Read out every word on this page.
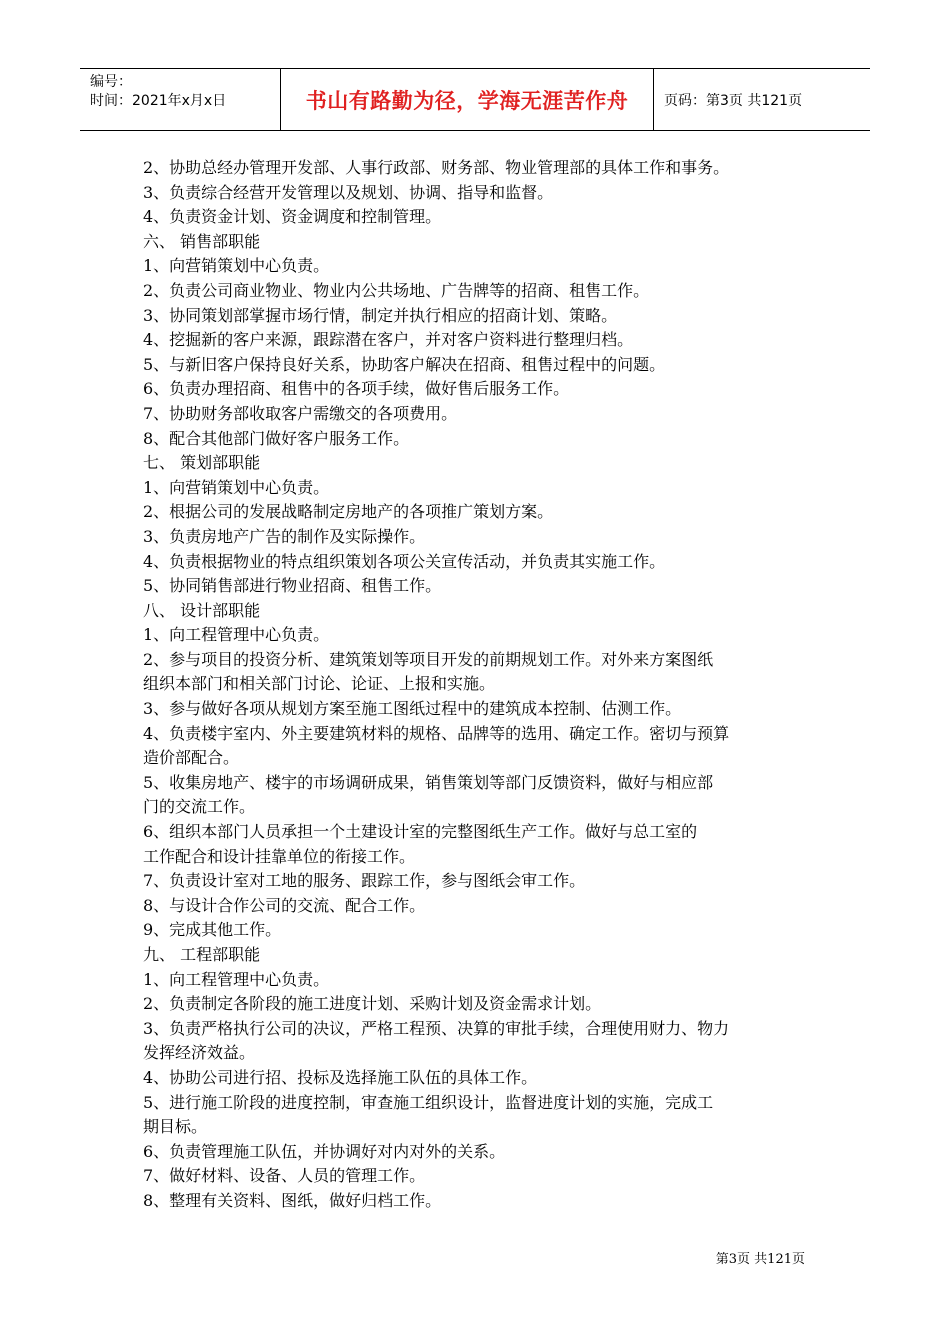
编号：
时间：2021年x月x日	书山有路勤为径，学海无涯苦作舟	页码：第3页 共121页
2、协助总经办管理开发部、人事行政部、财务部、物业管理部的具体工作和事务。
3、负责综合经营开发管理以及规划、协调、指导和监督。
4、负责资金计划、资金调度和控制管理。
六、 销售部职能
1、向营销策划中心负责。
2、负责公司商业物业、物业内公共场地、广告牌等的招商、租售工作。
3、协同策划部掌握市场行情，制定并执行相应的招商计划、策略。
4、挖掘新的客户来源，跟踪潜在客户，并对客户资料进行整理归档。
5、与新旧客户保持良好关系，协助客户解决在招商、租售过程中的问题。
6、负责办理招商、租售中的各项手续，做好售后服务工作。
7、协助财务部收取客户需缴交的各项费用。
8、配合其他部门做好客户服务工作。
七、 策划部职能
1、向营销策划中心负责。
2、根据公司的发展战略制定房地产的各项推广策划方案。
3、负责房地产广告的制作及实际操作。
4、负责根据物业的特点组织策划各项公关宣传活动，并负责其实施工作。
5、协同销售部进行物业招商、租售工作。
八、 设计部职能
1、向工程管理中心负责。
2、参与项目的投资分析、建筑策划等项目开发的前期规划工作。对外来方案图纸
组织本部门和相关部门讨论、论证、上报和实施。
3、参与做好各项从规划方案至施工图纸过程中的建筑成本控制、估测工作。
4、负责楼宇室内、外主要建筑材料的规格、品牌等的选用、确定工作。密切与预算
造价部配合。
5、收集房地产、楼宇的市场调研成果，销售策划等部门反馈资料，做好与相应部
门的交流工作。
6、组织本部门人员承担一个土建设计室的完整图纸生产工作。做好与总工室的
工作配合和设计挂靠单位的衔接工作。
7、负责设计室对工地的服务、跟踪工作，参与图纸会审工作。
8、与设计合作公司的交流、配合工作。
9、完成其他工作。
九、 工程部职能
1、向工程管理中心负责。
2、负责制定各阶段的施工进度计划、采购计划及资金需求计划。
3、负责严格执行公司的决议，严格工程预、决算的审批手续，合理使用财力、物力
发挥经济效益。
4、协助公司进行招、投标及选择施工队伍的具体工作。
5、进行施工阶段的进度控制，审查施工组织设计，监督进度计划的实施，完成工
期目标。
6、负责管理施工队伍，并协调好对内对外的关系。
7、做好材料、设备、人员的管理工作。
8、整理有关资料、图纸，做好归档工作。
第3页 共121页
